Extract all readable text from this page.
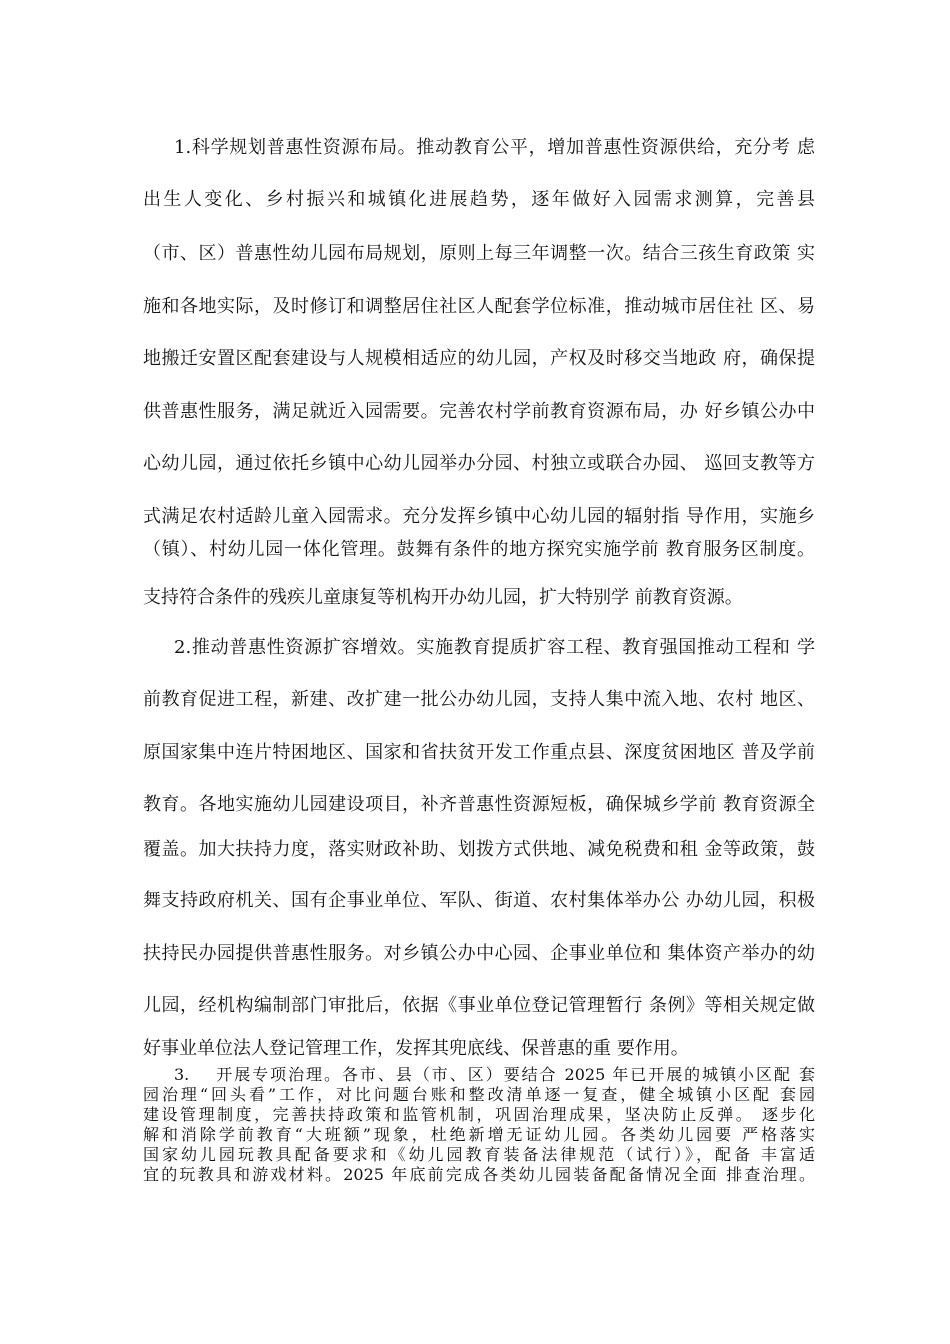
1.科学规划普惠性资源布局。推动教育公平，增加普惠性资源供给，充分考 虑
出生人变化、乡村振兴和城镇化进展趋势，逐年做好入园需求测算，完善县
（市、区）普惠性幼儿园布局规划，原则上每三年调整一次。结合三孩生育政策 实
施和各地实际，及时修订和调整居住社区人配套学位标准，推动城市居住社 区、易
地搬迁安置区配套建设与人规模相适应的幼儿园，产权及时移交当地政 府，确保提
供普惠性服务，满足就近入园需要。完善农村学前教育资源布局，办 好乡镇公办中
心幼儿园，通过依托乡镇中心幼儿园举办分园、村独立或联合办园、 巡回支教等方
式满足农村适龄儿童入园需求。充分发挥乡镇中心幼儿园的辐射指 导作用，实施乡
（镇）、村幼儿园一体化管理。鼓舞有条件的地方探究实施学前 教育服务区制度。
支持符合条件的残疾儿童康复等机构开办幼儿园，扩大特别学 前教育资源。
2.推动普惠性资源扩容增效。实施教育提质扩容工程、教育强国推动工程和 学
前教育促进工程，新建、改扩建一批公办幼儿园，支持人集中流入地、农村 地区、
原国家集中连片特困地区、国家和省扶贫开发工作重点县、深度贫困地区 普及学前
教育。各地实施幼儿园建设项目，补齐普惠性资源短板，确保城乡学前 教育资源全
覆盖。加大扶持力度，落实财政补助、划拨方式供地、减免税费和租 金等政策，鼓
舞支持政府机关、国有企事业单位、军队、街道、农村集体举办公 办幼儿园，积极
扶持民办园提供普惠性服务。对乡镇公办中心园、企事业单位和 集体资产举办的幼
儿园，经机构编制部门审批后，依据《事业单位登记管理暂行 条例》等相关规定做
好事业单位法人登记管理工作，发挥其兜底线、保普惠的重 要作用。
3.　 开展专项治理。各市、县（市、区）要结合 2025 年已开展的城镇小区配 套
园治理“回头看”工作，对比问题台账和整改清单逐一复查，健全城镇小区配 套园
建设管理制度，完善扶持政策和监管机制，巩固治理成果，坚决防止反弹。 逐步化
解和消除学前教育“大班额”现象，杜绝新增无证幼儿园。各类幼儿园要 严格落实
国家幼儿园玩教具配备要求和《幼儿园教育装备法律规范（试行）》，配备 丰富适
宜的玩教具和游戏材料。2025 年底前完成各类幼儿园装备配备情况全面 排查治理。
